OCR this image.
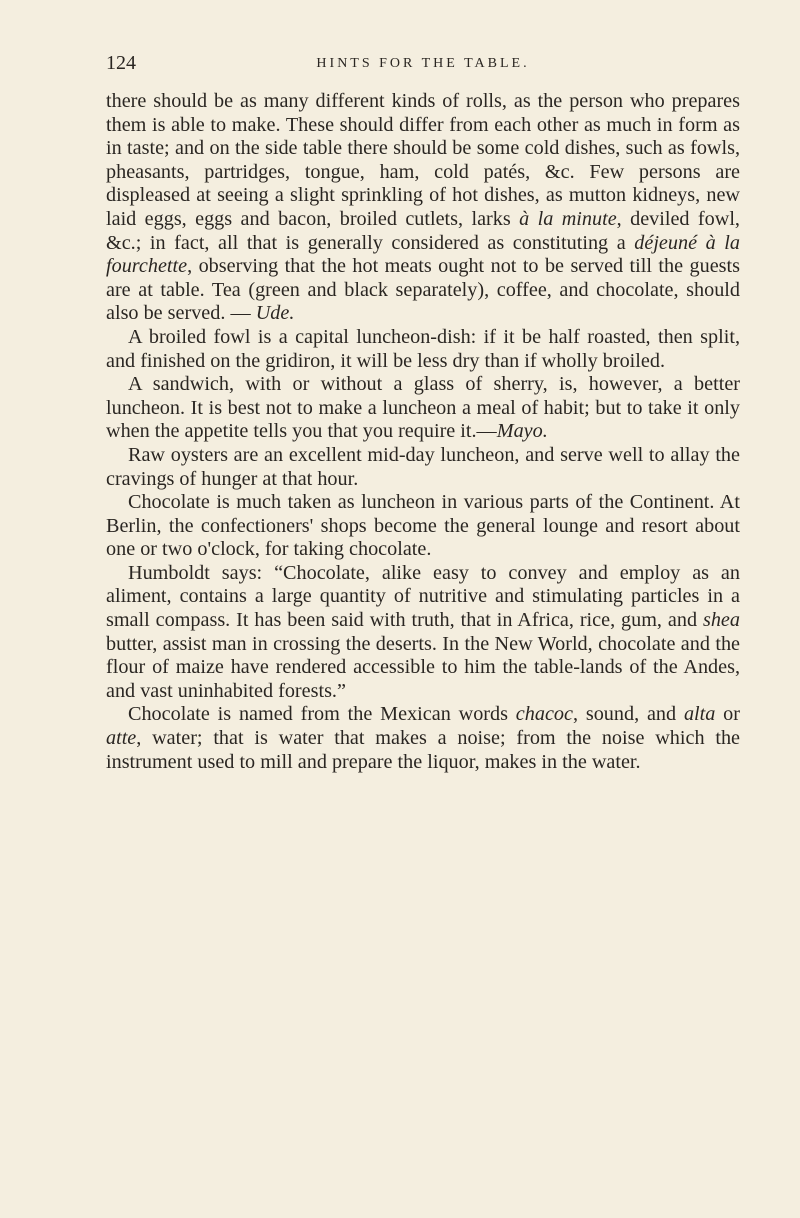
124	HINTS FOR THE TABLE.

there should be as many different kinds of rolls, as the person who prepares them is able to make. These should differ from each other as much in form as in taste; and on the side table there should be some cold dishes, such as fowls, pheasants, partridges, tongue, ham, cold patés, &c. Few persons are displeased at seeing a slight sprinkling of hot dishes, as mutton kidneys, new laid eggs, eggs and bacon, broiled cutlets, larks à la minute, deviled fowl, &c.; in fact, all that is generally considered as constituting a déjeuné à la fourchette, observing that the hot meats ought not to be served till the guests are at table. Tea (green and black separately), coffee, and chocolate, should also be served. — Ude.

A broiled fowl is a capital luncheon-dish: if it be half roasted, then split, and finished on the gridiron, it will be less dry than if wholly broiled.

A sandwich, with or without a glass of sherry, is, however, a better luncheon. It is best not to make a luncheon a meal of habit; but to take it only when the appetite tells you that you require it.—Mayo.

Raw oysters are an excellent mid-day luncheon, and serve well to allay the cravings of hunger at that hour.

Chocolate is much taken as luncheon in various parts of the Continent. At Berlin, the confectioners' shops become the general lounge and resort about one or two o'clock, for taking chocolate.

Humboldt says: “Chocolate, alike easy to convey and employ as an aliment, contains a large quantity of nutritive and stimulating particles in a small compass. It has been said with truth, that in Africa, rice, gum, and shea butter, assist man in crossing the deserts. In the New World, chocolate and the flour of maize have rendered accessible to him the table-lands of the Andes, and vast uninhabited forests.”

Chocolate is named from the Mexican words chacoc, sound, and alta or atte, water; that is water that makes a noise; from the noise which the instrument used to mill and prepare the liquor, makes in the water.
